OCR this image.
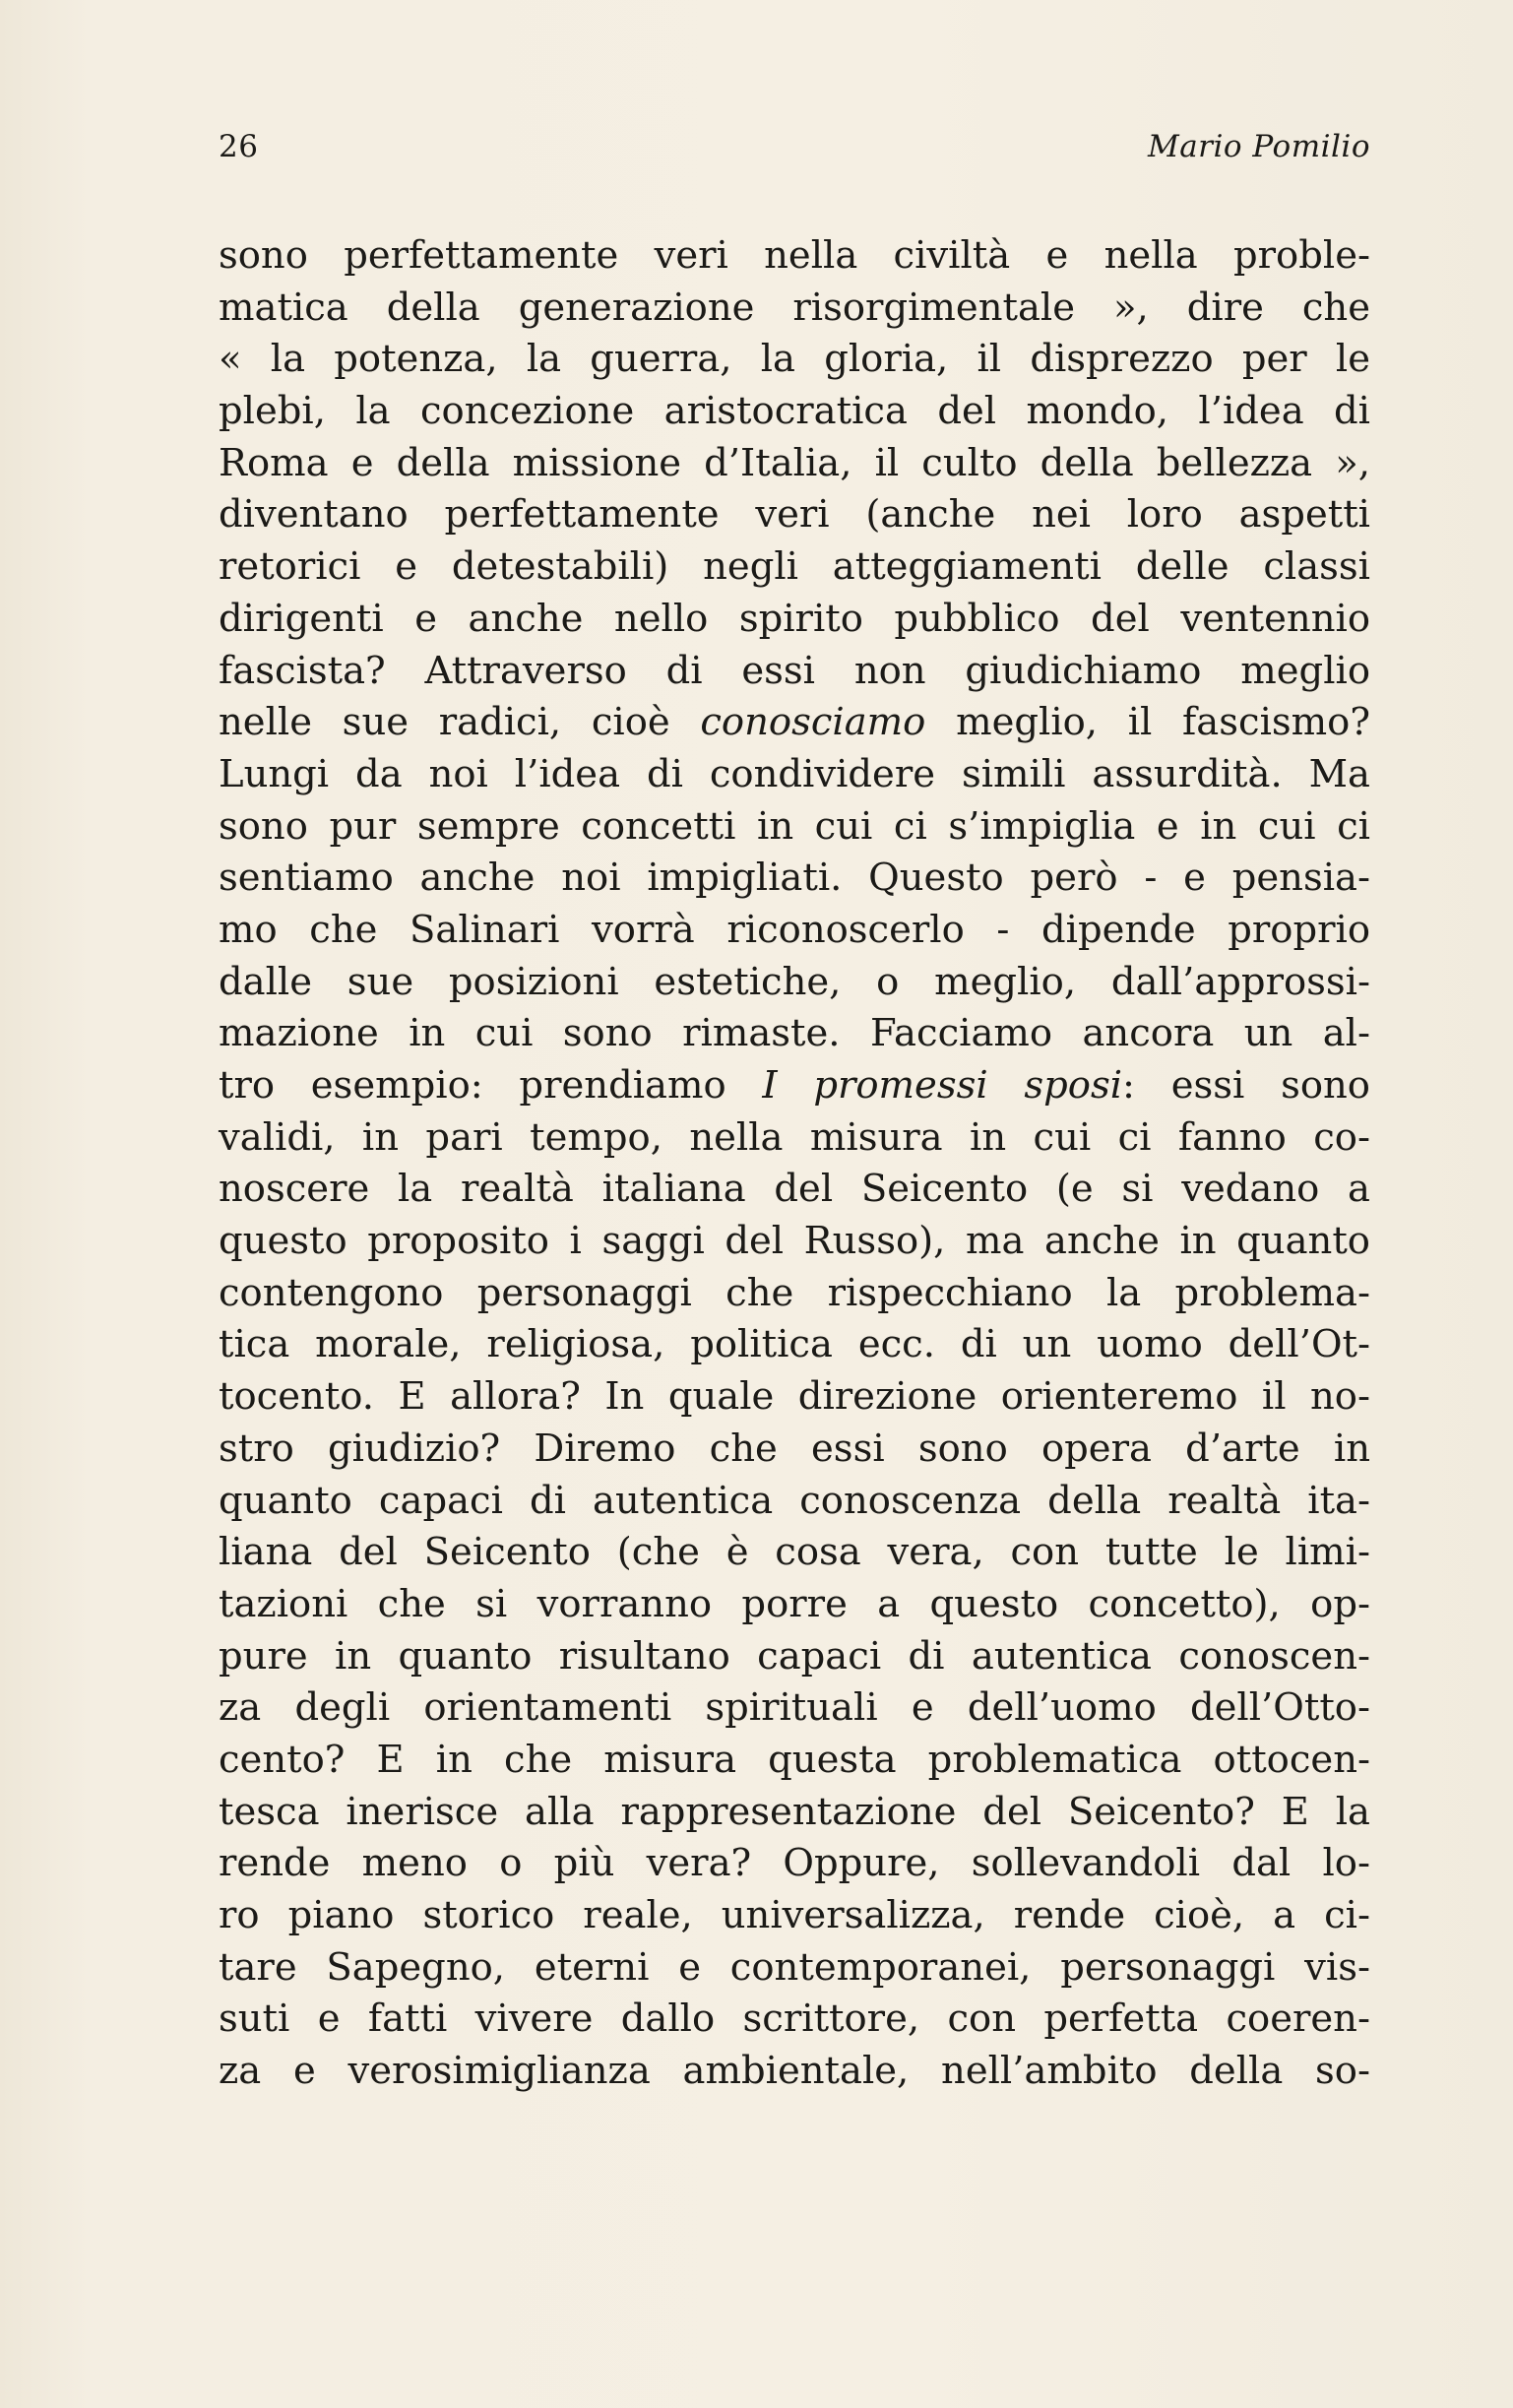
26	Mario Pomilio
sono perfettamente veri nella civiltà e nella proble-
matica della generazione risorgimentale », dire che
« la potenza, la guerra, la gloria, il disprezzo per le
plebi, la concezione aristocratica del mondo, l’idea di
Roma e della missione d’Italia, il culto della bellezza »,
diventano perfettamente veri (anche nei loro aspetti
retorici e detestabili) negli atteggiamenti delle classi
dirigenti e anche nello spirito pubblico del ventennio
fascista? Attraverso di essi non giudichiamo meglio
nelle sue radici, cioè conosciamo meglio, il fascismo?
Lungi da noi l’idea di condividere simili assurdità. Ma
sono pur sempre concetti in cui ci s’impiglia e in cui ci
sentiamo anche noi impigliati. Questo però - e pensia-
mo che Salinari vorrà riconoscerlo - dipende proprio
dalle sue posizioni estetiche, o meglio, dall’approssi-
mazione in cui sono rimaste. Facciamo ancora un al-
tro esempio: prendiamo I promessi sposi: essi sono
validi, in pari tempo, nella misura in cui ci fanno co-
noscere la realtà italiana del Seicento (e si vedano a
questo proposito i saggi del Russo), ma anche in quanto
contengono personaggi che rispecchiano la problema-
tica morale, religiosa, politica ecc. di un uomo dell’Ot-
tocento. E allora? In quale direzione orienteremo il no-
stro giudizio? Diremo che essi sono opera d’arte in
quanto capaci di autentica conoscenza della realtà ita-
liana del Seicento (che è cosa vera, con tutte le limi-
tazioni che si vorranno porre a questo concetto), op-
pure in quanto risultano capaci di autentica conoscen-
za degli orientamenti spirituali e dell’uomo dell’Otto-
cento? E in che misura questa problematica ottocen-
tesca inerisce alla rappresentazione del Seicento? E la
rende meno o più vera? Oppure, sollevandoli dal lo-
ro piano storico reale, universalizza, rende cioè, a ci-
tare Sapegno, eterni e contemporanei, personaggi vis-
suti e fatti vivere dallo scrittore, con perfetta coeren-
za e verosimiglianza ambientale, nell’ambito della so-
